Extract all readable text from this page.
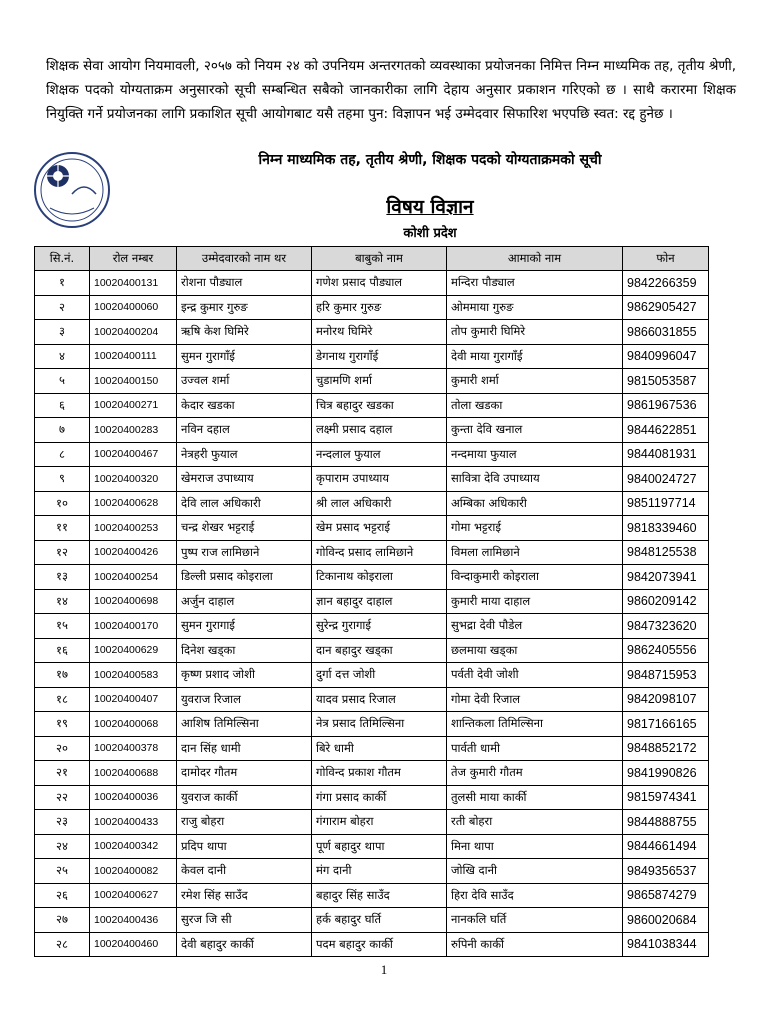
शिक्षक सेवा आयोग नियमावली, २०५७ को नियम २४ को उपनियम अन्तरगतको व्यवस्थाका प्रयोजनका निमित्त निम्न माध्यमिक तह, तृतीय श्रेणी, शिक्षक पदको योग्यताक्रम अनुसारको सूची सम्बन्धित सबैको जानकारीका लागि देहाय अनुसार प्रकाशन गरिएको छ । साथै करारमा शिक्षक नियुक्ति गर्ने प्रयोजनका लागि प्रकाशित सूची आयोगबाट यसै तहमा पुन: विज्ञापन भई उम्मेदवार सिफारिश भएपछि स्वत: रद्द हुनेछ ।

निम्न माध्यमिक तह, तृतीय श्रेणी, शिक्षक पदको योग्यताक्रमको सूची
विषय विज्ञान
कोशी प्रदेश
सि.नं.	रोल नम्बर	उम्मेदवारको नाम थर	बाबुको नाम	आमाको नाम	फोन
१	10020400131	रोशना पौड्याल	गणेश प्रसाद पौड्याल	मन्दिरा पौड्याल	9842266359
२	10020400060	इन्द्र कुमार गुरुङ	हरि कुमार गुरुङ	ओममाया गुरुङ	9862905427
३	10020400204	ऋषि केश घिमिरे	मनोरथ घिमिरे	तोप कुमारी घिमिरे	9866031855
४	10020400111	सुमन गुरागाँई	डेगनाथ गुरागाँई	देवी माया गुरागाँई	9840996047
५	10020400150	उज्वल शर्मा	चुडामणि शर्मा	कुमारी शर्मा	9815053587
६	10020400271	केदार खडका	चित्र बहादुर खडका	तोला खडका	9861967536
७	10020400283	नविन दहाल	लक्ष्मी प्रसाद दहाल	कुन्ता देवि खनाल	9844622851
८	10020400467	नेत्रहरी फुयाल	नन्दलाल फुयाल	नन्दमाया फुयाल	9844081931
९	10020400320	खेमराज उपाध्याय	कृपाराम उपाध्याय	सावित्रा देवि उपाध्याय	9840024727
१०	10020400628	देवि लाल अधिकारी	श्री लाल अधिकारी	अम्बिका अधिकारी	9851197714
११	10020400253	चन्द्र शेखर भट्टराई	खेम प्रसाद भट्टराई	गोमा भट्टराई	9818339460
१२	10020400426	पुष्प राज लामिछाने	गोविन्द प्रसाद लामिछाने	विमला लामिछाने	9848125538
१३	10020400254	डिल्ली प्रसाद कोइराला	टिकानाथ कोइराला	विन्दाकुमारी कोइराला	9842073941
१४	10020400698	अर्जुन दाहाल	ज्ञान बहादुर दाहाल	कुमारी माया दाहाल	9860209142
१५	10020400170	सुमन गुरागाई	सुरेन्द्र गुरागाई	सुभद्रा देवी पौडेल	9847323620
१६	10020400629	दिनेश खड्का	दान बहादुर खड्का	छलमाया खड्का	9862405556
१७	10020400583	कृष्ण प्रशाद जोशी	दुर्गा दत्त जोशी	पर्वती देवी जोशी	9848715953
१८	10020400407	युवराज रिजाल	यादव प्रसाद रिजाल	गोमा देवी रिजाल	9842098107
१९	10020400068	आशिष तिमिल्सिना	नेत्र प्रसाद तिमिल्सिना	शान्तिकला तिमिल्सिना	9817166165
२०	10020400378	दान सिंह धामी	बिरे धामी	पार्वती धामी	9848852172
२१	10020400688	दामोदर गौतम	गोविन्द प्रकाश गौतम	तेज कुमारी गौतम	9841990826
२२	10020400036	युवराज कार्की	गंगा प्रसाद कार्की	तुलसी माया कार्की	9815974341
२३	10020400433	राजु बोहरा	गंगाराम बोहरा	रती बोहरा	9844888755
२४	10020400342	प्रदिप थापा	पूर्ण बहादुर थापा	मिना थापा	9844661494
२५	10020400082	केवल दानी	मंग दानी	जोखि दानी	9849356537
२६	10020400627	रमेश सिंह साउँद	बहादुर सिंह साउँद	हिरा देवि साउँद	9865874279
२७	10020400436	सुरज जि सी	हर्क बहादुर घर्ति	नानकलि घर्ति	9860020684
२८	10020400460	देवी बहादुर कार्की	पदम बहादुर कार्की	रुपिनी कार्की	9841038344
1
